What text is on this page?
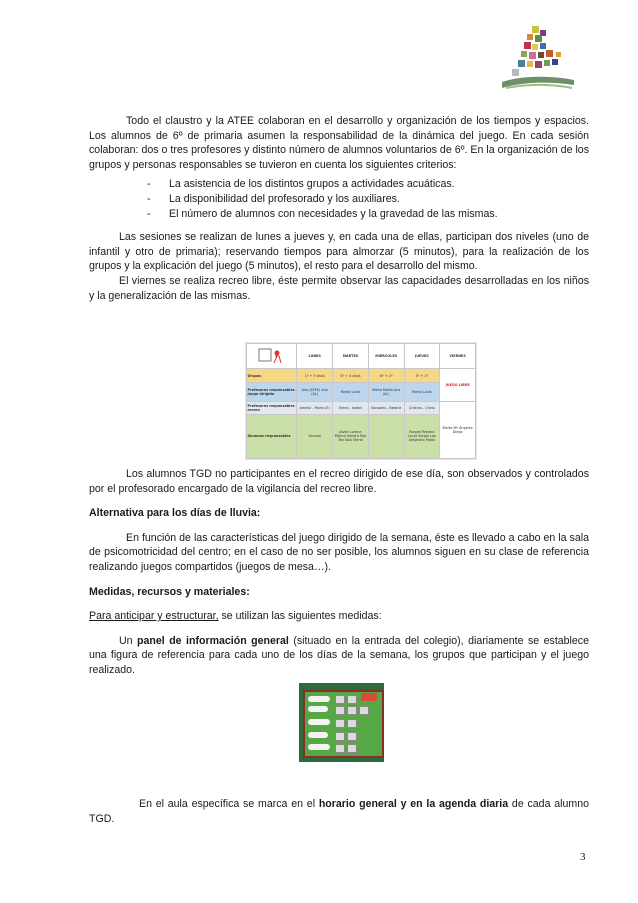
Todo el claustro y la ATEE colaboran en el desarrollo y organización de los tiempos y espacios. Los alumnos de 6º de primaria asumen la responsabilidad de la dinámica del juego. En cada sesión colaboran: dos o tres profesores y distinto número de alumnos voluntarios de 6º. En la organización de los grupos y personas responsables se tuvieron en cuenta los siguientes criterios:

- La asistencia de los distintos grupos a actividades acuáticas.
- La disponibilidad del profesorado y los auxiliares.
- El número de alumnos con necesidades y la gravedad de las mismas.

Las sesiones se realizan de lunes a jueves y, en cada una de ellas, participan dos niveles (uno de infantil y otro de primaria); reservando tiempos para almorzar (5 minutos), para la realización de los grupos y la explicación del juego (5 minutos), el resto para el desarrollo del mismo.

El viernes se realiza recreo libre, éste permite observar las capacidades desarrolladas en los niños y la generalización de las mismas.

	LUNES	MARTES	MIERCOLES	JUEVES	VIERNES
Grupos	1º + 5 años	4º + 4 años	6º + 2º	5º + 1º	JUEGO LIBRE
Profesores responsables Juego dirigido	Ana (ATEE) Ana (AL)	Marta Lucía	Marta Marta Ana (AL)	Marta Lucía	
Profesores responsables recreo	Amelia - Mario (E)	Elena - Isabel	Sonsoles - Beatriz	Cristina - Chelo	Marta Mª Ángeles Diego
Alumnos responsables	Samuel	Javier Lorena Milena Sandra Mar Teo Saúl Maral		Raquel Rebeca Laura Sergio Leo Alejandro Pablo	

Los alumnos TGD no participantes en el recreo dirigido de ese día, son observados y controlados por el profesorado encargado de la vigilancia del recreo libre.

Alternativa para los días de lluvia:

En función de las características del juego dirigido de la semana, éste es llevado a cabo en la sala de psicomotricidad del centro; en el caso de no ser posible, los alumnos siguen en su clase de referencia realizando juegos compartidos (juegos de mesa…).

Medidas, recursos y materiales:

Para anticipar y estructurar, se utilizan las siguientes medidas:

Un panel de información general (situado en la entrada del colegio), diariamente se establece una figura de referencia para cada uno de los días de la semana, los grupos que participan y el juego realizado.

En el aula específica se marca en el horario general y en la agenda diaria de cada alumno TGD.

3
